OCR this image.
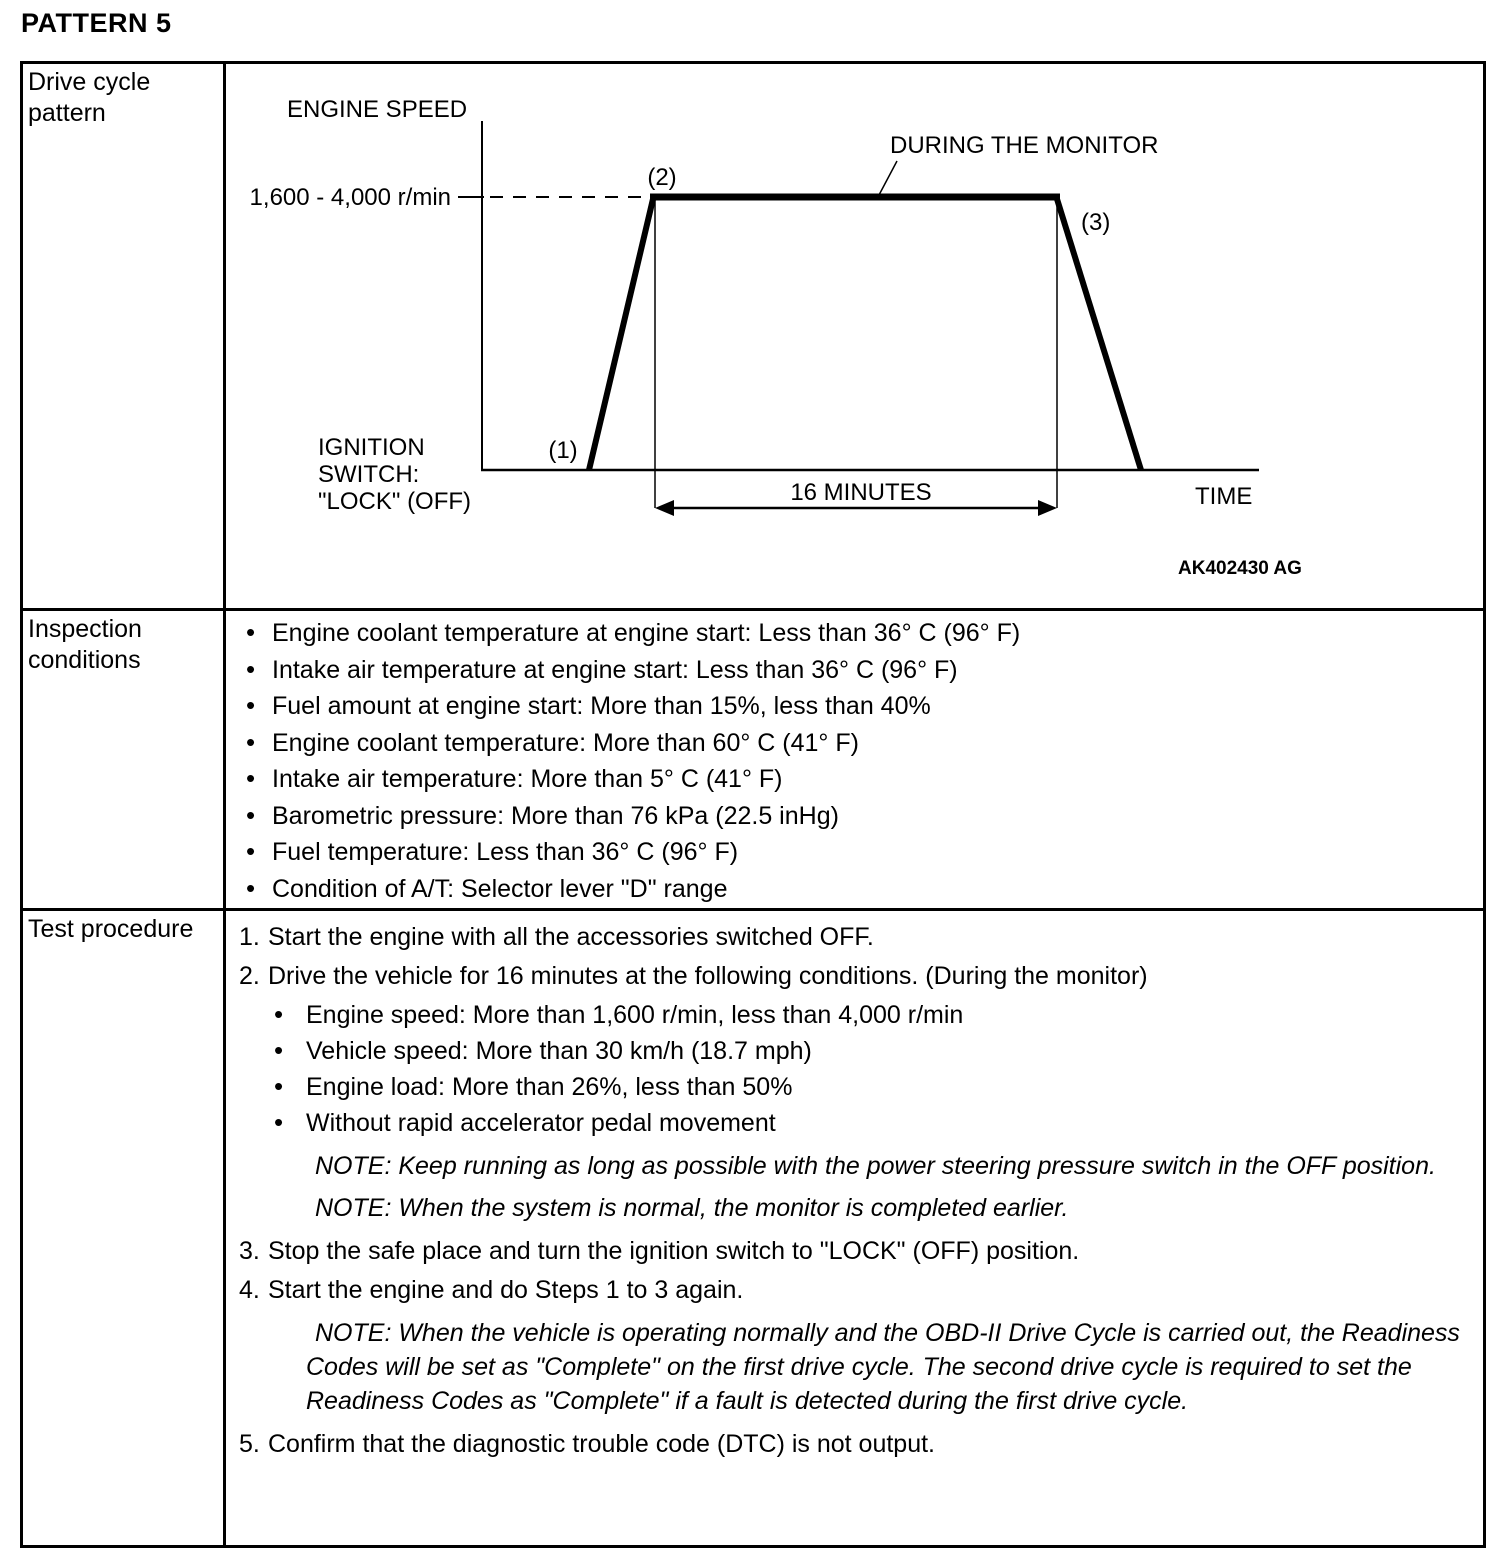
PATTERN 5
Drive cycle pattern	ENGINE SPEED
1,600 - 4,000 r/min
(2)
DURING THE MONITOR
(3)
(1)
IGNITION
SWITCH:
"LOCK" (OFF)	16 MINUTES	TIME
AK402430 AG
Inspection conditions
• Engine coolant temperature at engine start: Less than 36° C (96° F)
• Intake air temperature at engine start: Less than 36° C (96° F)
• Fuel amount at engine start: More than 15%, less than 40%
• Engine coolant temperature: More than 60° C (41° F)
• Intake air temperature: More than 5° C (41° F)
• Barometric pressure: More than 76 kPa (22.5 inHg)
• Fuel temperature: Less than 36° C (96° F)
• Condition of A/T: Selector lever "D" range
Test procedure	1. Start the engine with all the accessories switched OFF.
2. Drive the vehicle for 16 minutes at the following conditions. (During the monitor)
• Engine speed: More than 1,600 r/min, less than 4,000 r/min
• Vehicle speed: More than 30 km/h (18.7 mph)
• Engine load: More than 26%, less than 50%
• Without rapid accelerator pedal movement
NOTE: Keep running as long as possible with the power steering pressure switch in the OFF position.
NOTE: When the system is normal, the monitor is completed earlier.
3. Stop the safe place and turn the ignition switch to "LOCK" (OFF) position.
4. Start the engine and do Steps 1 to 3 again.
NOTE: When the vehicle is operating normally and the OBD-II Drive Cycle is carried out, the Readiness Codes will be set as "Complete" on the first drive cycle. The second drive cycle is required to set the Readiness Codes as "Complete" if a fault is detected during the first drive cycle.
5. Confirm that the diagnostic trouble code (DTC) is not output.
